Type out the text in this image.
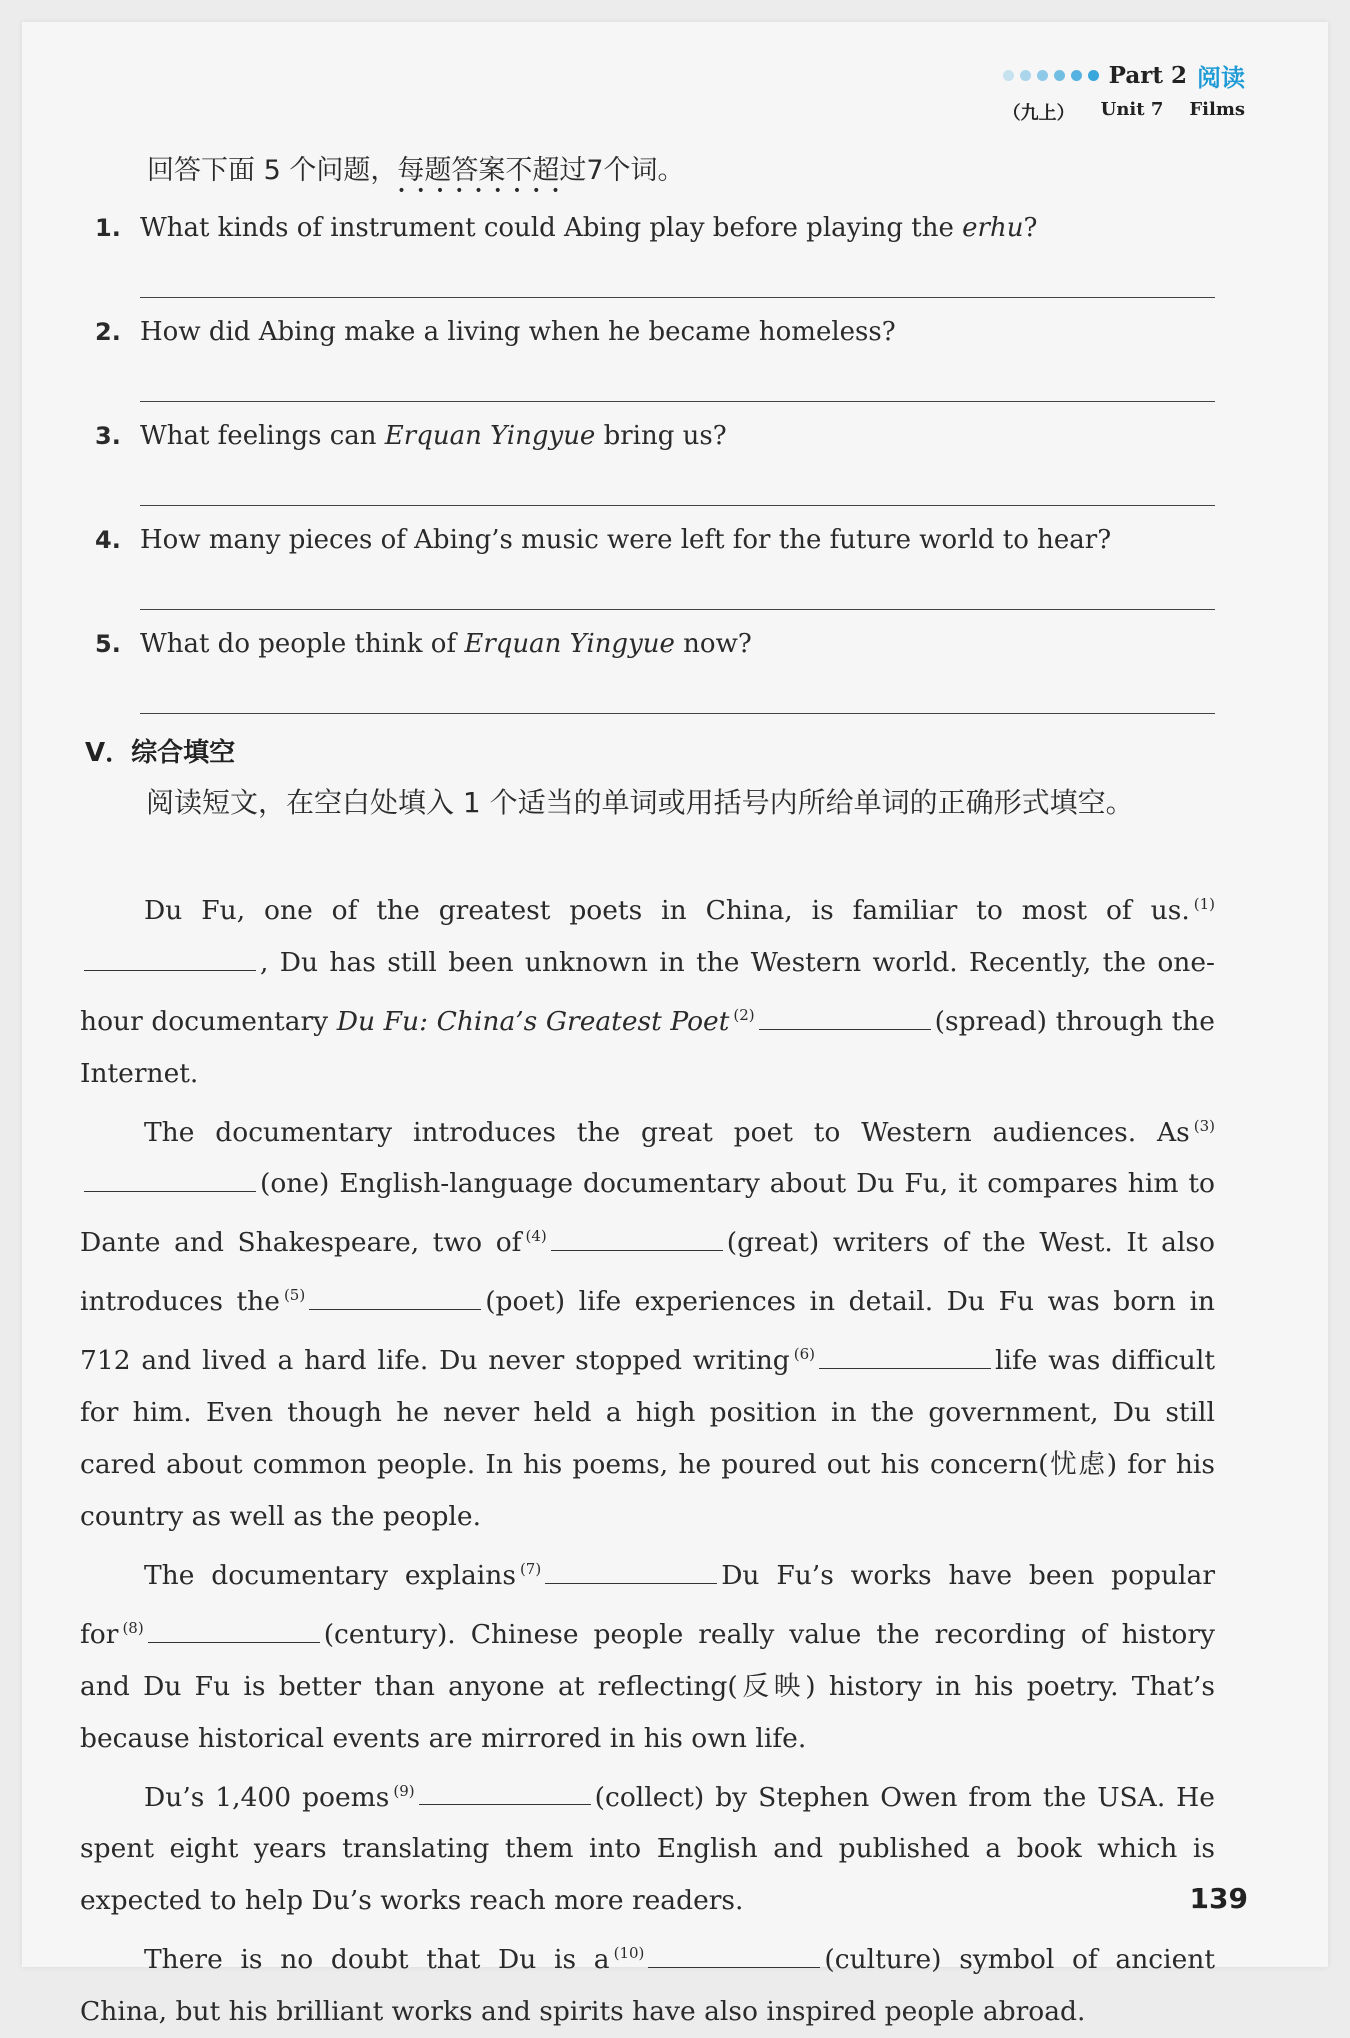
Part 2 阅读
（九上） Unit 7 Films
回答下面 5 个问题，每题答案不超过7个词
•••••••••
。
1. What kinds of instrument could Abing play before playing the erhu?
2. How did Abing make a living when he became homeless?
3. What feelings can Erquan Yingyue bring us?
4. How many pieces of Abing’s music were left for the future world to hear?
5. What do people think of Erquan Yingyue now?
V．综合填空
阅读短文，在空白处填入 1 个适当的单词或用括号内所给单词的正确形式填空。

Du Fu, one of the greatest poets in China, is familiar to most of us. $^{(1)}$, Du has still been unknown in the Western world. Recently, the one-hour documentary Du Fu: China’s Greatest Poet $^{(2)}$	(spread) through the Internet.

The documentary introduces the great poet to Western audiences. As $^{(3)}$(one) English-language documentary about Du Fu, it compares him to Dante and Shakespeare, two of $^{(4)}$	(great) writers of the West. It also introduces the $^{(5)}$	(poet) life experiences in detail. Du Fu was born in 712 and lived a hard life. Du never stopped writing $^{(6)}$	life was difficult for him. Even though he never held a high position in the government, Du still cared about common people. In his poems, he poured out his concern(忧虑) for his country as well as the people.

The documentary explains $^{(7)}$	Du Fu’s works have been popular for $^{(8)}$	(century). Chinese people really value the recording of history and Du Fu is better than anyone at reflecting(反映) history in his poetry. That’s because historical events are mirrored in his own life.

Du’s 1,400 poems $^{(9)}$	(collect) by Stephen Owen from the USA. He spent eight years translating them into English and published a book which is expected to help Du’s works reach more readers.

There is no doubt that Du is a $^{(10)}$	(culture) symbol of ancient China, but his brilliant works and spirits have also inspired people abroad.

139
